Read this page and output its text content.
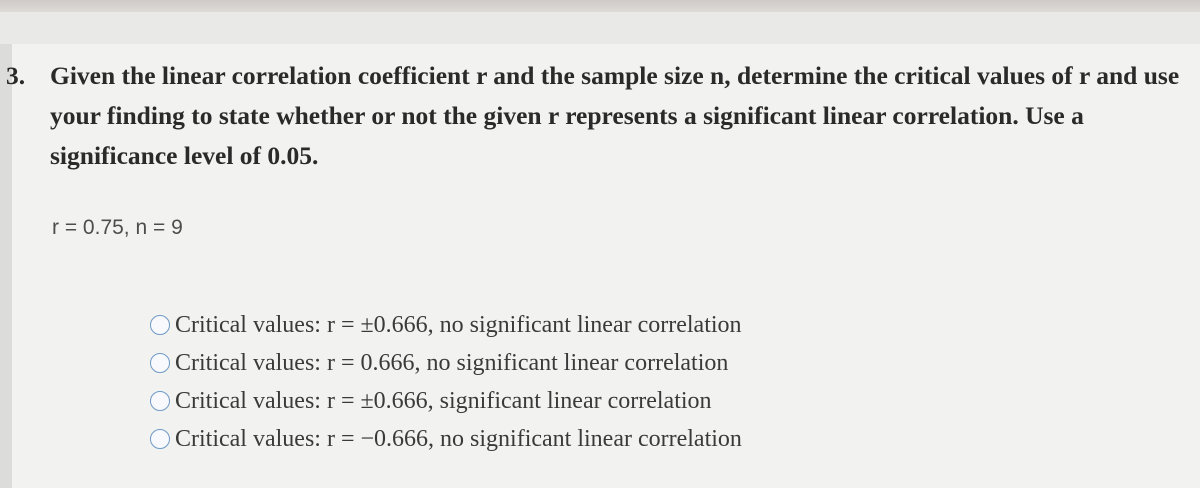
3. Given the linear correlation coefficient r and the sample size n, determine the critical values of r and use your finding to state whether or not the given r represents a significant linear correlation. Use a significance level of 0.05.
r = 0.75, n = 9
Critical values: r = ±0.666, no significant linear correlation
Critical values: r = 0.666, no significant linear correlation
Critical values: r = ±0.666, significant linear correlation
Critical values: r = −0.666, no significant linear correlation
